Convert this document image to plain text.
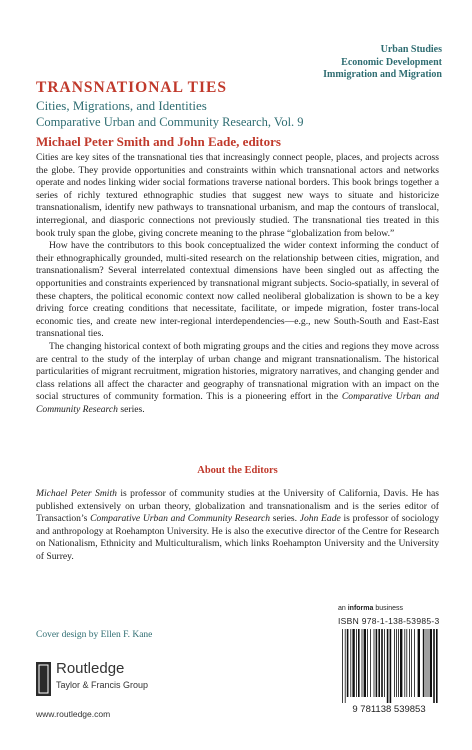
Urban Studies
Economic Development
Immigration and Migration
TRANSNATIONAL TIES
Cities, Migrations, and Identities
Comparative Urban and Community Research, Vol. 9
Michael Peter Smith and John Eade, editors

Cities are key sites of the transnational ties that increasingly connect people, places, and projects across the globe. They provide opportunities and constraints within which transnational actors and networks operate and nodes linking wider social formations traverse national borders. This book brings together a series of richly textured ethnographic studies that suggest new ways to situate and historicize transnationalism, identify new pathways to transnational urbanism, and map the contours of translocal, interregional, and diasporic connections not previously studied. The transnational ties treated in this book truly span the globe, giving concrete meaning to the phrase “globalization from below.”

How have the contributors to this book conceptualized the wider context informing the conduct of their ethnographically grounded, multi-sited research on the relationship between cities, migration, and transnationalism? Several interrelated contextual dimensions have been singled out as affecting the opportunities and constraints experienced by transnational migrant subjects. Socio-spatially, in several of these chapters, the political economic context now called neoliberal globalization is shown to be a key driving force creating conditions that necessitate, facilitate, or impede migration, foster trans-local economic ties, and create new inter-regional interdependencies—e.g., new South-South and East-East transnational ties.

The changing historical context of both migrating groups and the cities and regions they move across are central to the study of the interplay of urban change and migrant transnationalism. The historical particularities of migrant recruitment, migration histories, migratory narratives, and changing gender and class relations all affect the character and geography of transnational migration with an impact on the social structures of community formation. This is a pioneering effort in the Comparative Urban and Community Research series.

About the Editors

Michael Peter Smith is professor of community studies at the University of California, Davis. He has published extensively on urban theory, globalization and transnationalism and is the series editor of Transaction’s Comparative Urban and Community Research series. John Eade is professor of sociology and anthropology at Roehampton University. He is also the executive director of the Centre for Research on Nationalism, Ethnicity and Multiculturalism, which links Roehampton University and the University of Surrey.

an informa business
ISBN 978-1-138-53985-3
9 781138 539853
Cover design by Ellen F. Kane
Routledge
Taylor & Francis Group
www.routledge.com
